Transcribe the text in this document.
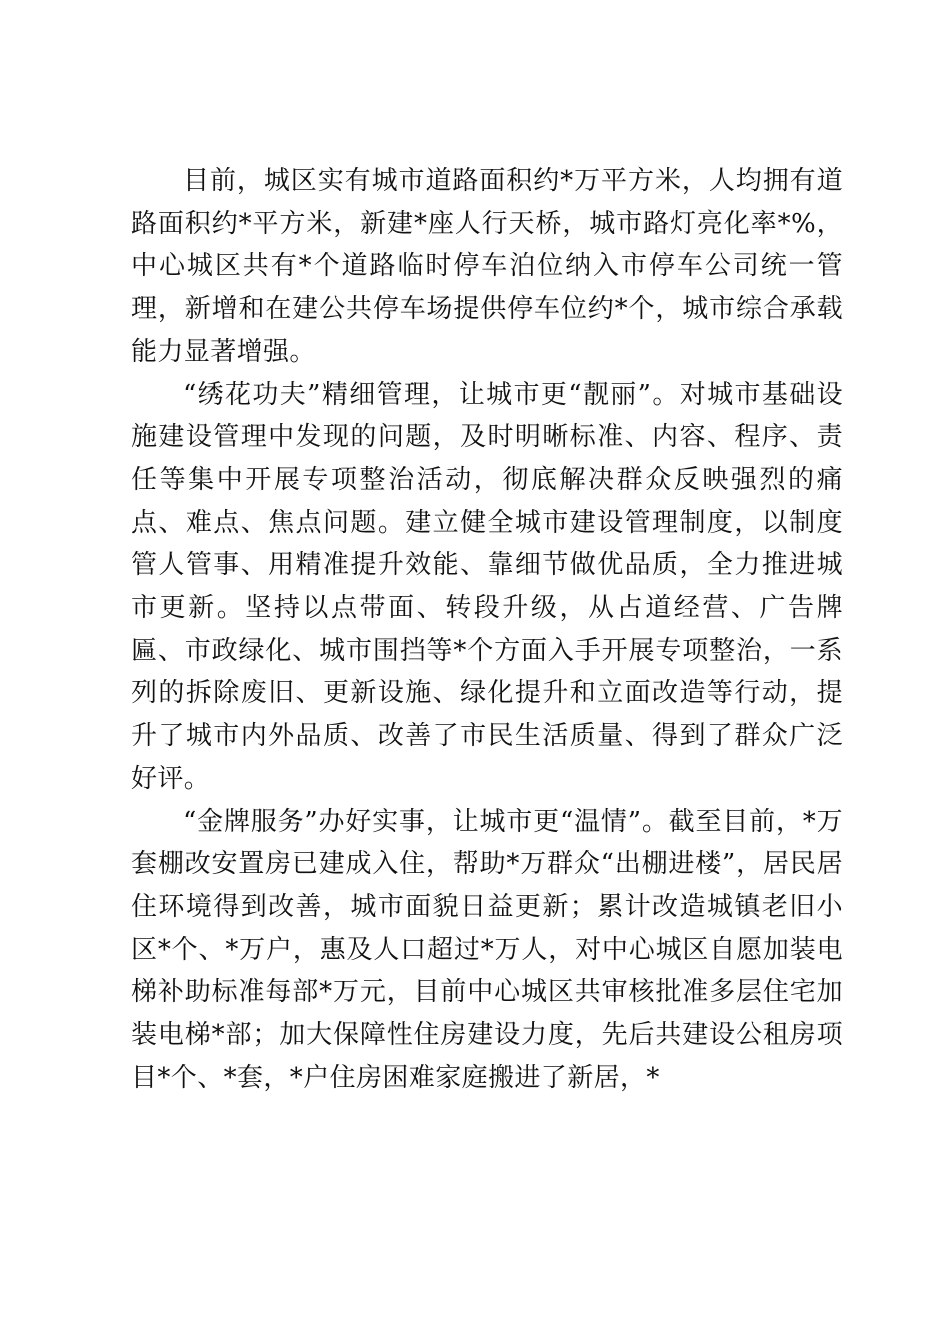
目前，城区实有城市道路面积约*万平方米，人均拥有道路面积约*平方米，新建*座人行天桥，城市路灯亮化率*%，中心城区共有*个道路临时停车泊位纳入市停车公司统一管理，新增和在建公共停车场提供停车位约*个，城市综合承载能力显著增强。

“绣花功夫”精细管理，让城市更“靓丽”。对城市基础设施建设管理中发现的问题，及时明晰标准、内容、程序、责任等集中开展专项整治活动，彻底解决群众反映强烈的痛点、难点、焦点问题。建立健全城市建设管理制度，以制度管人管事、用精准提升效能、靠细节做优品质，全力推进城市更新。坚持以点带面、转段升级，从占道经营、广告牌匾、市政绿化、城市围挡等*个方面入手开展专项整治，一系列的拆除废旧、更新设施、绿化提升和立面改造等行动，提升了城市内外品质、改善了市民生活质量、得到了群众广泛好评。

“金牌服务”办好实事，让城市更“温情”。截至目前，*万套棚改安置房已建成入住，帮助*万群众“出棚进楼”，居民居住环境得到改善，城市面貌日益更新；累计改造城镇老旧小区*个、*万户，惠及人口超过*万人，对中心城区自愿加装电梯补助标准每部*万元，目前中心城区共审核批准多层住宅加装电梯*部；加大保障性住房建设力度，先后共建设公租房项目*个、*套，*户住房困难家庭搬进了新居，*
